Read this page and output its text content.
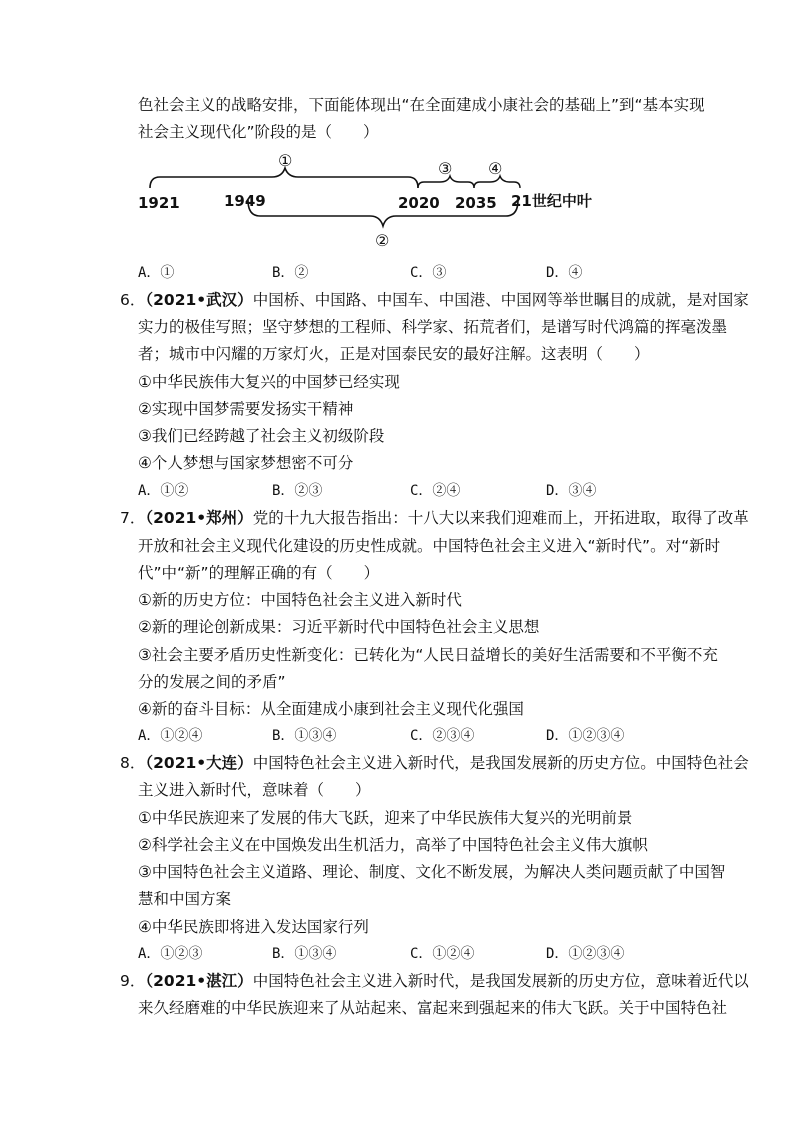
色社会主义的战略安排，下面能体现出“在全面建成小康社会的基础上”到“基本实现
社会主义现代化”阶段的是（　　）
①	③ ④
②
1921	1949	2020 2035 21世纪中叶
A．①	B．②	C．③	D．④
6．（2021•武汉）中国桥、中国路、中国车、中国港、中国网等举世瞩目的成就，是对国家
实力的极佳写照；坚守梦想的工程师、科学家、拓荒者们，是谱写时代鸿篇的挥毫泼墨
者；城市中闪耀的万家灯火，正是对国泰民安的最好注解。这表明（　　）
①中华民族伟大复兴的中国梦已经实现
②实现中国梦需要发扬实干精神
③我们已经跨越了社会主义初级阶段
④个人梦想与国家梦想密不可分
A．①②	B．②③	C．②④	D．③④
7．（2021•郑州）党的十九大报告指出：十八大以来我们迎难而上，开拓进取，取得了改革
开放和社会主义现代化建设的历史性成就。中国特色社会主义进入“新时代”。对“新时
代”中“新”的理解正确的有（　　）
①新的历史方位：中国特色社会主义进入新时代
②新的理论创新成果：习近平新时代中国特色社会主义思想
③社会主要矛盾历史性新变化：已转化为“人民日益增长的美好生活需要和不平衡不充
分的发展之间的矛盾”
④新的奋斗目标：从全面建成小康到社会主义现代化强国
A．①②④	B．①③④	C．②③④	D．①②③④
8．（2021•大连）中国特色社会主义进入新时代，是我国发展新的历史方位。中国特色社会
主义进入新时代，意味着（　　）
①中华民族迎来了发展的伟大飞跃，迎来了中华民族伟大复兴的光明前景
②科学社会主义在中国焕发出生机活力，高举了中国特色社会主义伟大旗帜
③中国特色社会主义道路、理论、制度、文化不断发展，为解决人类问题贡献了中国智
慧和中国方案
④中华民族即将进入发达国家行列
A．①②③	B．①③④	C．①②④	D．①②③④
9．（2021•湛江）中国特色社会主义进入新时代，是我国发展新的历史方位，意味着近代以
来久经磨难的中华民族迎来了从站起来、富起来到强起来的伟大飞跃。关于中国特色社
